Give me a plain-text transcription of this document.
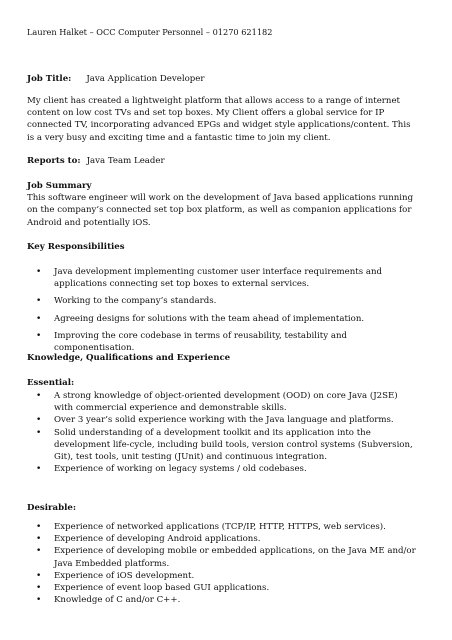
Lauren Halket – OCC Computer Personnel – 01270 621182
Job Title: Java Application Developer
My client has created a lightweight platform that allows access to a range of internet content on low cost TVs and set top boxes. My Client offers a global service for IP connected TV, incorporating advanced EPGs and widget style applications/content. This is a very busy and exciting time and a fantastic time to join my client.
Reports to: Java Team Leader
Job Summary
This software engineer will work on the development of Java based applications running on the company’s connected set top box platform, as well as companion applications for Android and potentially iOS.
Key Responsibilities
• Java development implementing customer user interface requirements and applications connecting set top boxes to external services.
• Working to the company’s standards.
• Agreeing designs for solutions with the team ahead of implementation.
• Improving the core codebase in terms of reusability, testability and componentisation.
Knowledge, Qualifications and Experience
Essential:
• A strong knowledge of object-oriented development (OOD) on core Java (J2SE) with commercial experience and demonstrable skills.
• Over 3 year’s solid experience working with the Java language and platforms.
• Solid understanding of a development toolkit and its application into the development life-cycle, including build tools, version control systems (Subversion, Git), test tools, unit testing (JUnit) and continuous integration.
• Experience of working on legacy systems / old codebases.
Desirable:
• Experience of networked applications (TCP/IP, HTTP, HTTPS, web services).
• Experience of developing Android applications.
• Experience of developing mobile or embedded applications, on the Java ME and/or Java Embedded platforms.
• Experience of iOS development.
• Experience of event loop based GUI applications.
• Knowledge of C and/or C++.
